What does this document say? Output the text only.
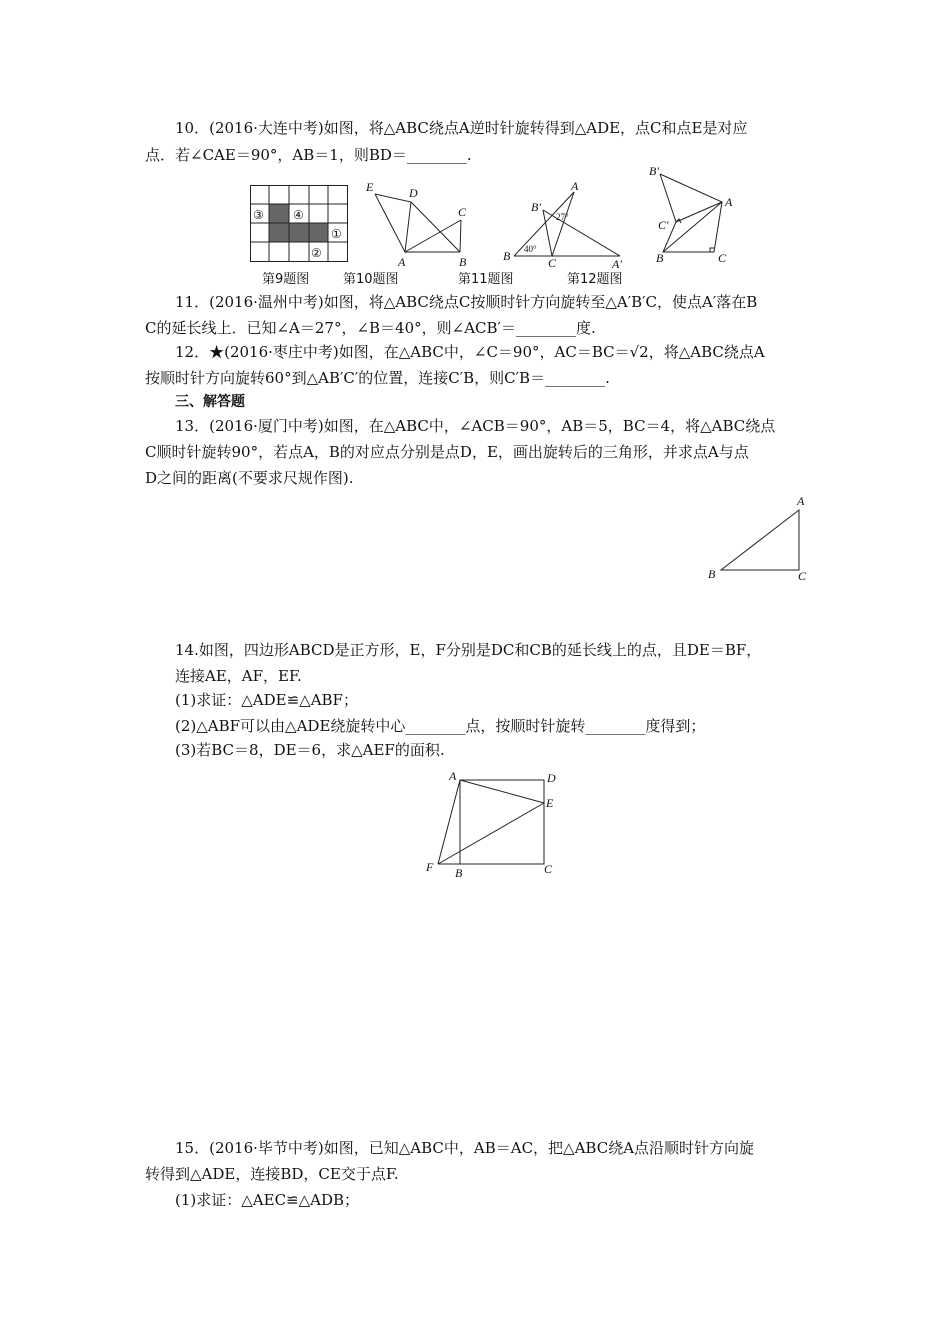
10．(2016·大连中考)如图，将△ABC绕点A逆时针旋转得到△ADE，点C和点E是对应
点．若∠CAE＝90°，AB＝1，则BD＝________.
③ ④
①
②
E	D
C
A	B
A
B′
27°
40°
B	C	A′
B′
A
C′
B	C
第9题图	第10题图	第11题图	第12题图
11．(2016·温州中考)如图，将△ABC绕点C按顺时针方向旋转至△A′B′C，使点A′落在B
C的延长线上．已知∠A＝27°，∠B＝40°，则∠ACB′＝________度.
12．★(2016·枣庄中考)如图，在△ABC中，∠C＝90°，AC＝BC＝√2，将△ABC绕点A
按顺时针方向旋转60°到△AB′C′的位置，连接C′B，则C′B＝________.
三、解答题
13．(2016·厦门中考)如图，在△ABC中，∠ACB＝90°，AB＝5，BC＝4，将△ABC绕点
C顺时针旋转90°，若点A，B的对应点分别是点D，E，画出旋转后的三角形，并求点A与点
D之间的距离(不要求尺规作图).
A
B	C
14.如图，四边形ABCD是正方形，E，F分别是DC和CB的延长线上的点，且DE＝BF，
连接AE，AF，EF.
(1)求证：△ADE≌△ABF；
(2)△ABF可以由△ADE绕旋转中心________点，按顺时针旋转________度得到；
(3)若BC＝8，DE＝6，求△AEF的面积.
A	D
E
F B	C
15．(2016·毕节中考)如图，已知△ABC中，AB＝AC，把△ABC绕A点沿顺时针方向旋
转得到△ADE，连接BD，CE交于点F.
(1)求证：△AEC≌△ADB；
